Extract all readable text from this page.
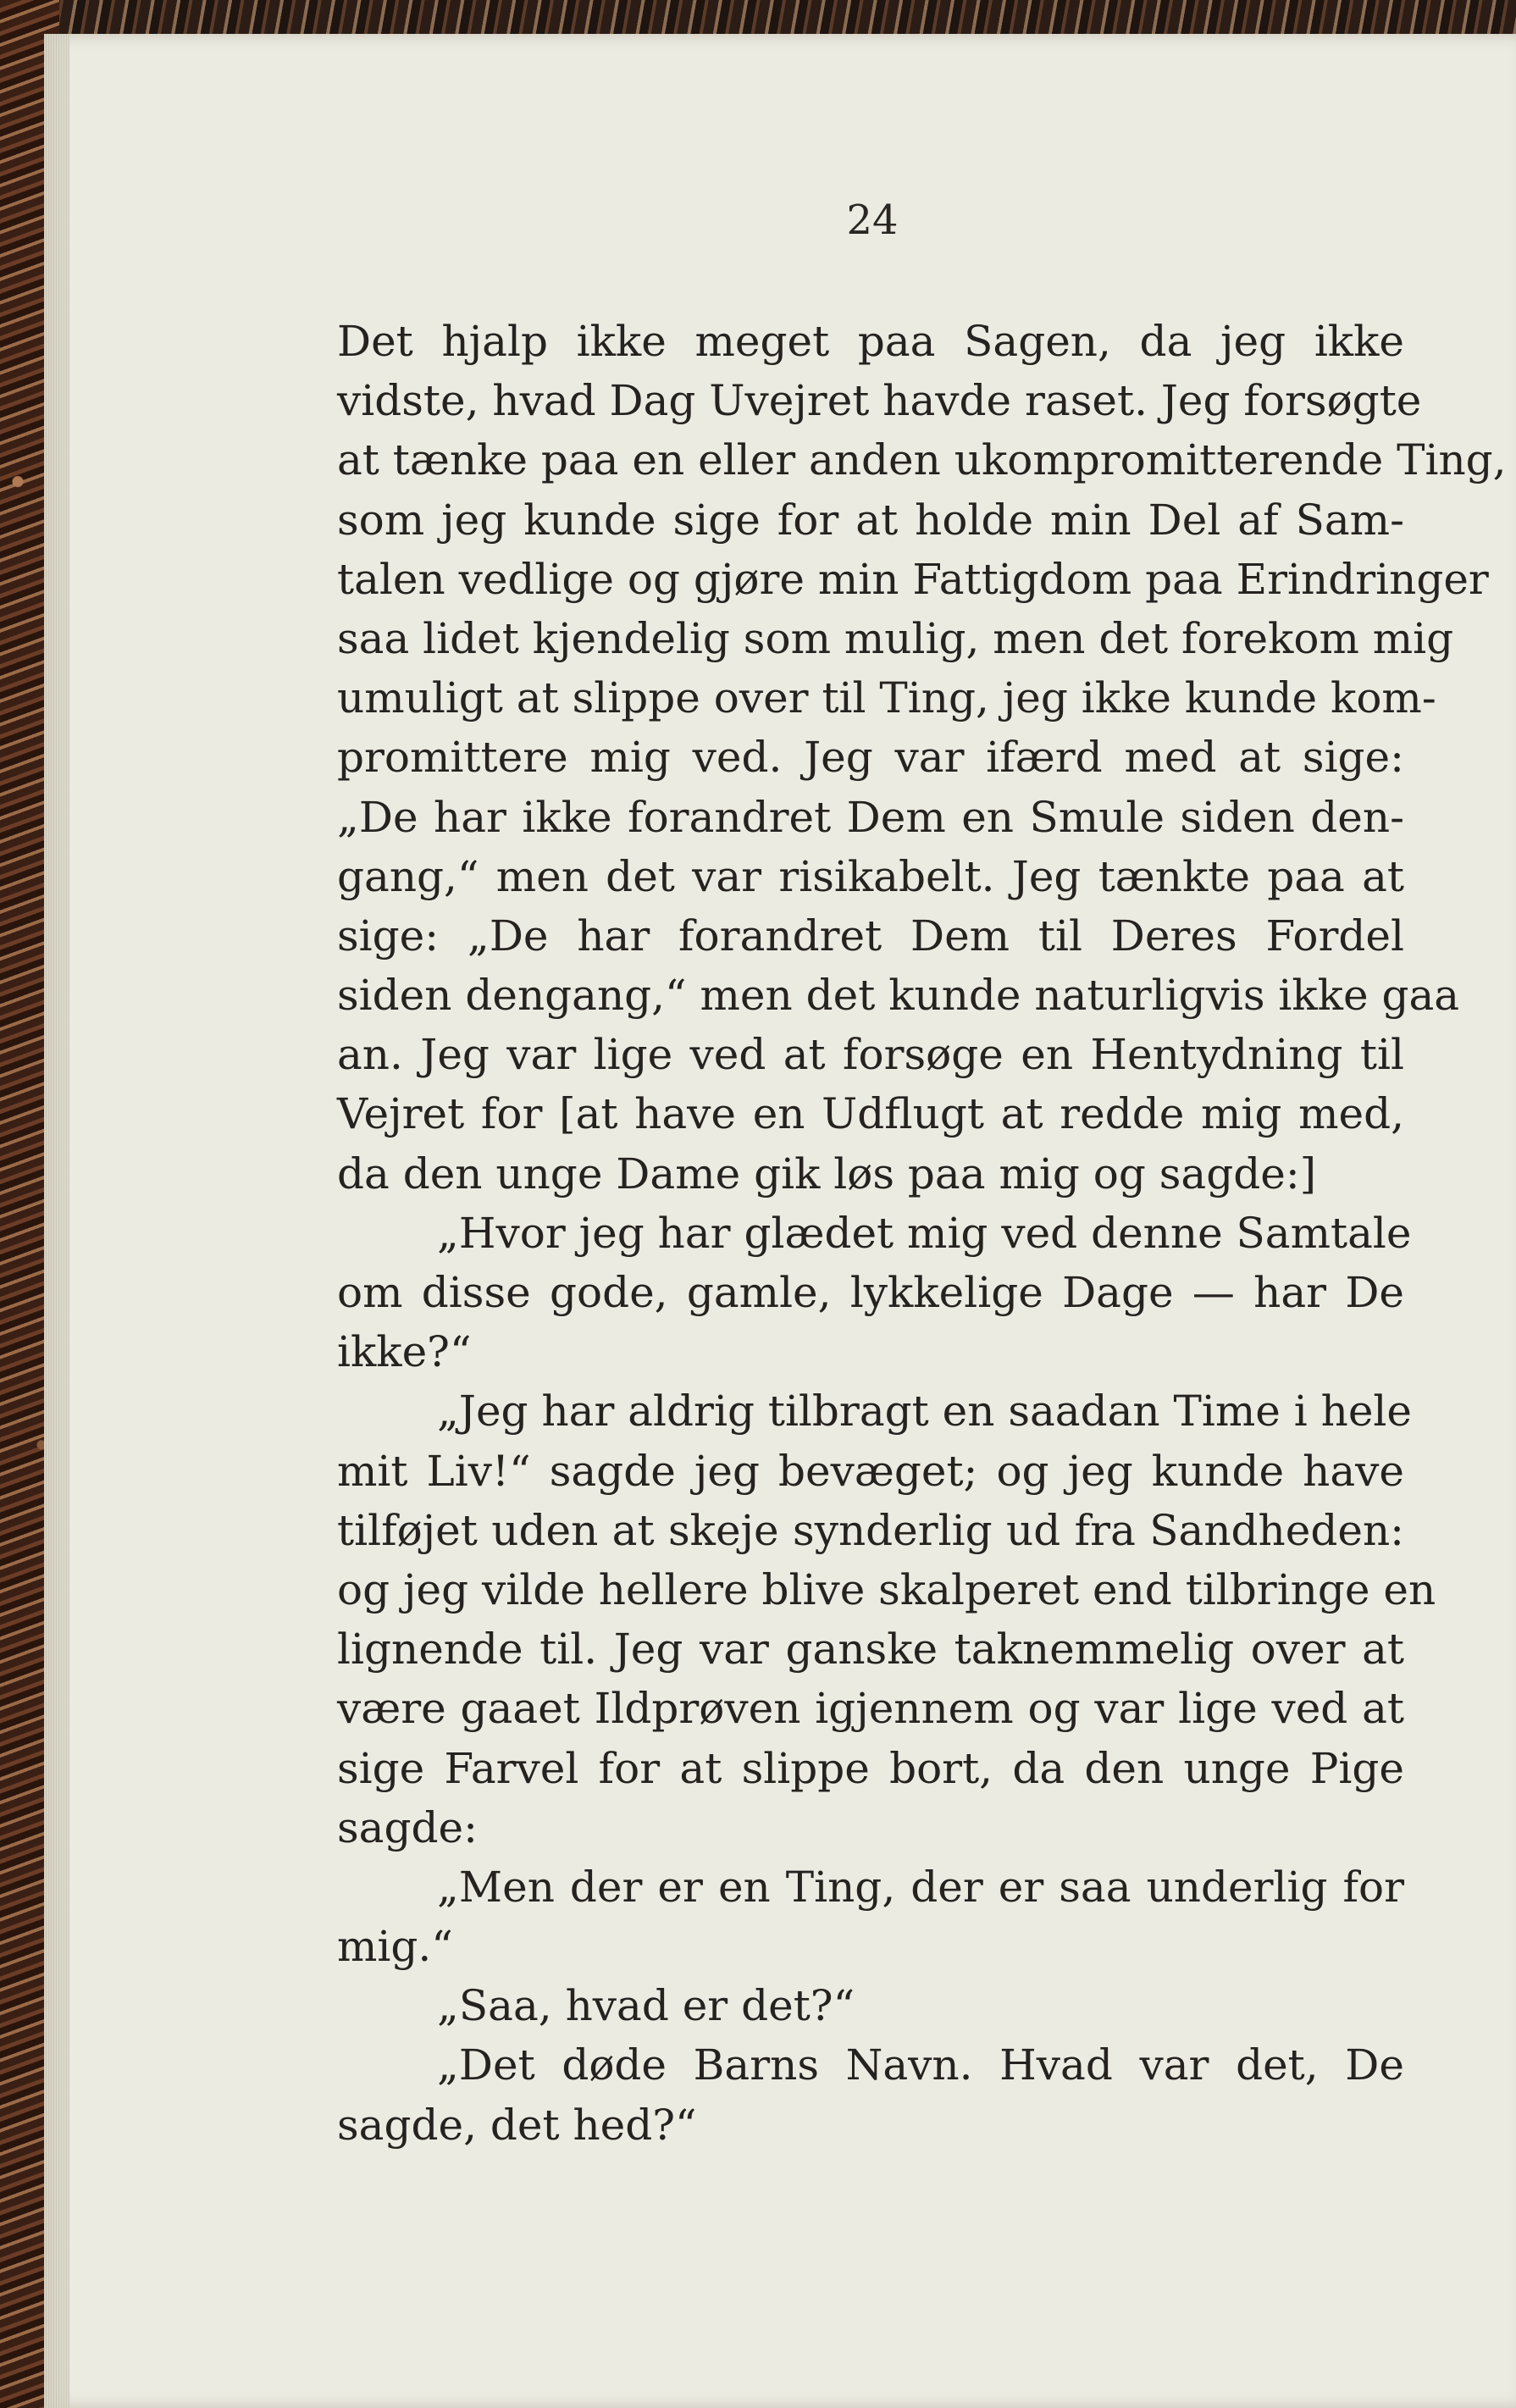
24
Det hjalp ikke meget paa Sagen, da jeg ikke
vidste, hvad Dag Uvejret havde raset. Jeg forsøgte
at tænke paa en eller anden ukompromitterende Ting,
som jeg kunde sige for at holde min Del af Sam-
talen vedlige og gjøre min Fattigdom paa Erindringer
saa lidet kjendelig som mulig, men det forekom mig
umuligt at slippe over til Ting, jeg ikke kunde kom-
promittere mig ved. Jeg var ifærd med at sige:
„De har ikke forandret Dem en Smule siden den-
gang,“ men det var risikabelt. Jeg tænkte paa at
sige: „De har forandret Dem til Deres Fordel
siden dengang,“ men det kunde naturligvis ikke gaa
an. Jeg var lige ved at forsøge en Hentydning til
Vejret for [at have en Udflugt at redde mig med,
da den unge Dame gik løs paa mig og sagde:]
„Hvor jeg har glædet mig ved denne Samtale
om disse gode, gamle, lykkelige Dage — har De
ikke?“
„Jeg har aldrig tilbragt en saadan Time i hele
mit Liv!“ sagde jeg bevæget; og jeg kunde have
tilføjet uden at skeje synderlig ud fra Sandheden:
og jeg vilde hellere blive skalperet end tilbringe en
lignende til. Jeg var ganske taknemmelig over at
være gaaet Ildprøven igjennem og var lige ved at
sige Farvel for at slippe bort, da den unge Pige
sagde:
„Men der er en Ting, der er saa underlig for
mig.“
„Saa, hvad er det?“
„Det døde Barns Navn. Hvad var det, De
sagde, det hed?“
